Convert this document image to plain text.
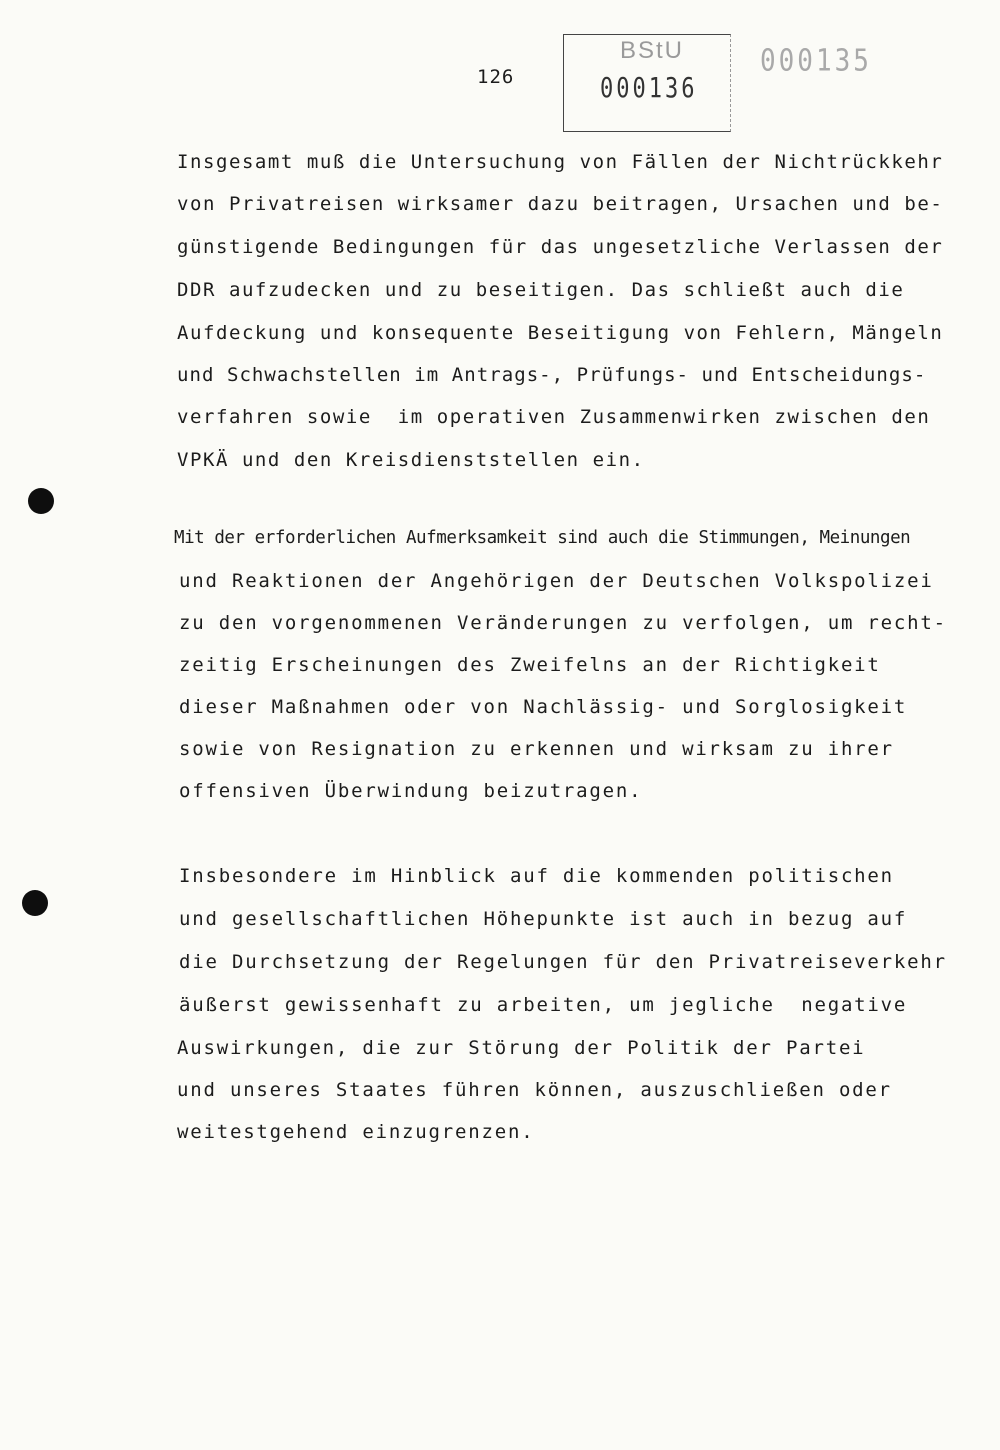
126
BStU
000136
000135
Insgesamt muß die Untersuchung von Fällen der Nichtrückkehr
von Privatreisen wirksamer dazu beitragen, Ursachen und be-
günstigende Bedingungen für das ungesetzliche Verlassen der
DDR aufzudecken und zu beseitigen. Das schließt auch die
Aufdeckung und konsequente Beseitigung von Fehlern, Mängeln
und Schwachstellen im Antrags-, Prüfungs- und Entscheidungs-
verfahren sowie  im operativen Zusammenwirken zwischen den
VPKÄ und den Kreisdienststellen ein.
Mit der erforderlichen Aufmerksamkeit sind auch die Stimmungen, Meinungen
und Reaktionen der Angehörigen der Deutschen Volkspolizei
zu den vorgenommenen Veränderungen zu verfolgen, um recht-
zeitig Erscheinungen des Zweifelns an der Richtigkeit
dieser Maßnahmen oder von Nachlässig- und Sorglosigkeit
sowie von Resignation zu erkennen und wirksam zu ihrer
offensiven Überwindung beizutragen.
Insbesondere im Hinblick auf die kommenden politischen
und gesellschaftlichen Höhepunkte ist auch in bezug auf
die Durchsetzung der Regelungen für den Privatreiseverkehr
äußerst gewissenhaft zu arbeiten, um jegliche  negative
Auswirkungen, die zur Störung der Politik der Partei
und unseres Staates führen können, auszuschließen oder
weitestgehend einzugrenzen.
